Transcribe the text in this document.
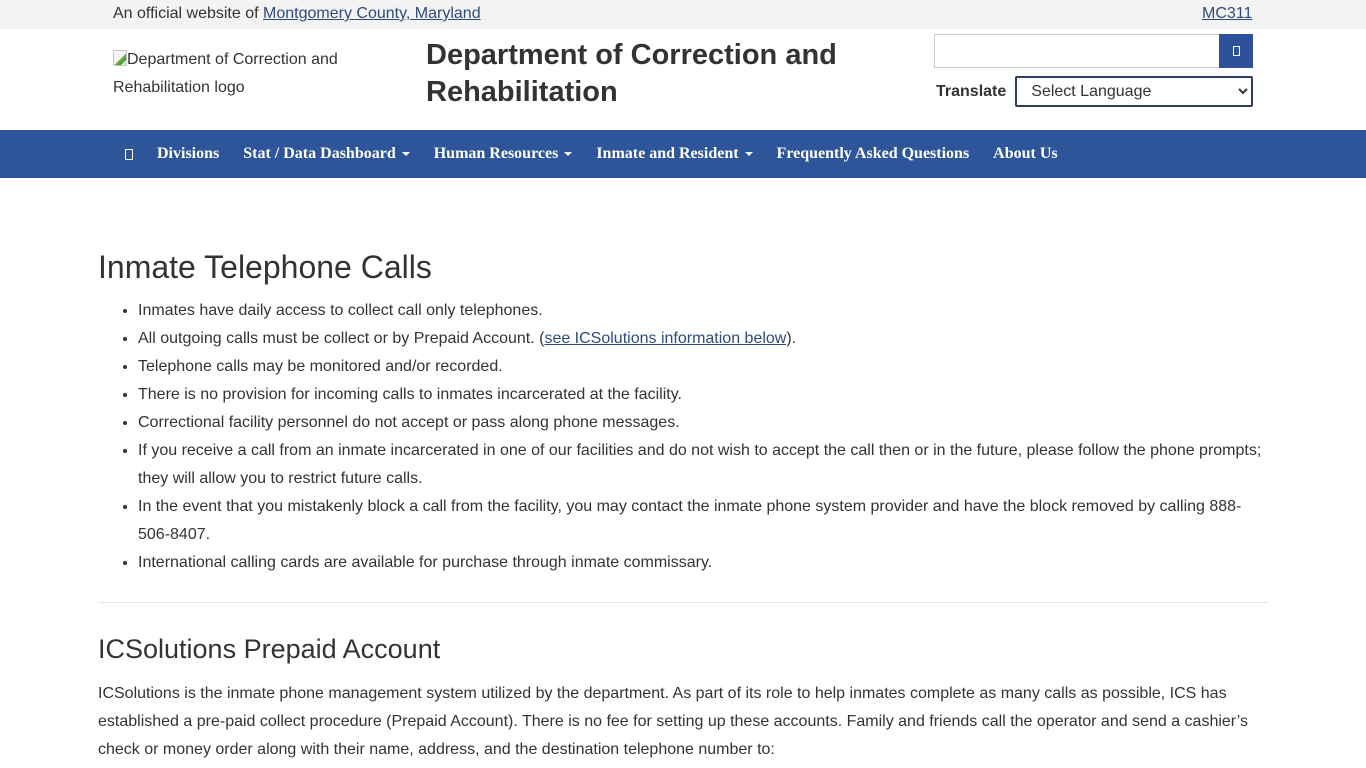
An official website of Montgomery County, Maryland	MC311
Department of Correction and Rehabilitation logo
Department of Correction and Rehabilitation	Translate
Select Language
Divisions Stat / Data Dashboard Human Resources Inmate and Resident Frequently Asked Questions About Us
Inmate Telephone Calls
• Inmates have daily access to collect call only telephones.
• All outgoing calls must be collect or by Prepaid Account. (see ICSolutions information below).
• Telephone calls may be monitored and/or recorded.
• There is no provision for incoming calls to inmates incarcerated at the facility.
• Correctional facility personnel do not accept or pass along phone messages.
• If you receive a call from an inmate incarcerated in one of our facilities and do not wish to accept the call then or in the future, please follow the phone prompts; they will allow you to restrict future calls.
• In the event that you mistakenly block a call from the facility, you may contact the inmate phone system provider and have the block removed by calling 888-506-8407.
• International calling cards are available for purchase through inmate commissary.
ICSolutions Prepaid Account

ICSolutions is the inmate phone management system utilized by the department. As part of its role to help inmates complete as many calls as possible, ICS has established a pre-paid collect procedure (Prepaid Account). There is no fee for setting up these accounts. Family and friends call the operator and send a cashier’s check or money order along with their name, address, and the destination telephone number to:
